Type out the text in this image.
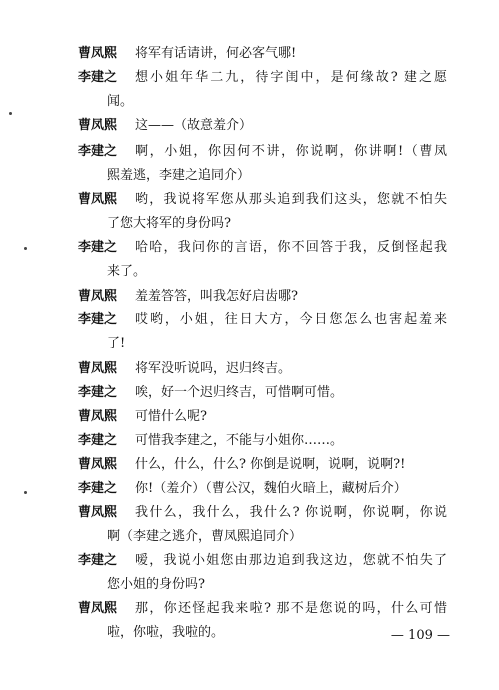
曹凤熙	将军有话请讲，何必客气哪!
李建之	想小姐年华二九，待字闺中，是何缘故? 建之愿
闻。
曹凤熙	这——（故意羞介）
李建之	啊，小姐，你因何不讲，你说啊，你讲啊!（曹凤
熙羞逃，李建之追同介）
曹凤熙	哟，我说将军您从那头追到我们这头，您就不怕失
了您大将军的身份吗?
李建之	哈哈，我问你的言语，你不回答于我，反倒怪起我
来了。
曹凤熙	羞羞答答，叫我怎好启齿哪?
李建之	哎哟，小姐，往日大方，今日您怎么也害起羞来
了!
曹凤熙	将军没听说吗，迟归终吉。
李建之	唉，好一个迟归终吉，可惜啊可惜。
曹凤熙	可惜什么呢?
李建之	可惜我李建之，不能与小姐你……。
曹凤熙	什么，什么，什么? 你倒是说啊，说啊，说啊?!
李建之	你!（羞介）（曹公汉，魏伯火暗上，藏树后介）
曹凤熙	我什么，我什么，我什么? 你说啊，你说啊，你说
啊（李建之逃介，曹凤熙追同介）
李建之	嗳，我说小姐您由那边追到我这边，您就不怕失了
您小姐的身份吗?
曹凤熙	那，你还怪起我来啦? 那不是您说的吗，什么可惜
啦，你啦，我啦的。	— 109 —
